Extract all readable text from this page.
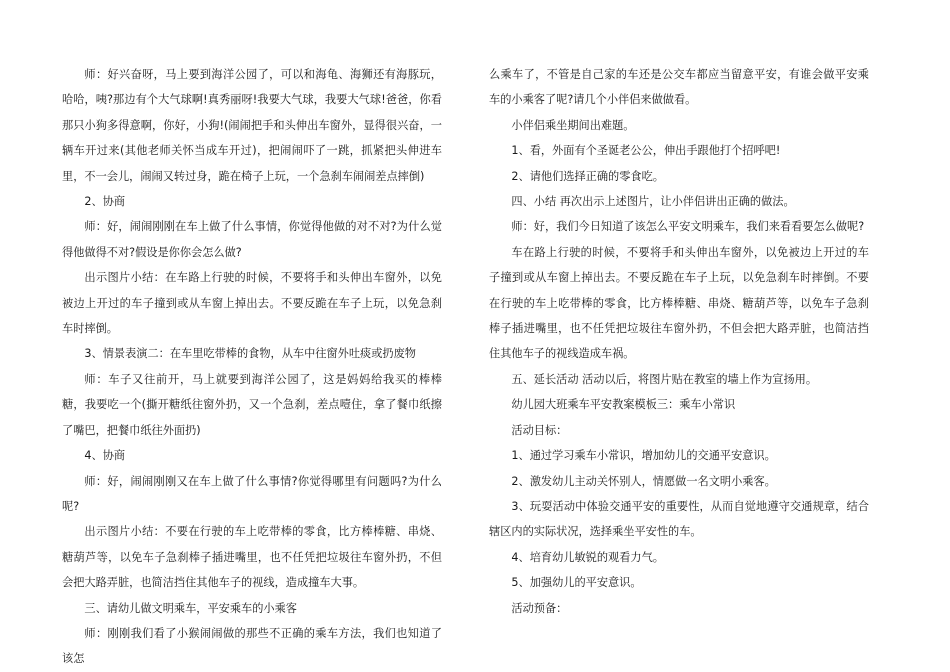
师：好兴奋呀，马上要到海洋公园了，可以和海龟、海狮还有海豚玩，哈哈，咦?那边有个大气球啊!真秀丽呀!我要大气球，我要大气球!爸爸，你看那只小狗多得意啊，你好，小狗!(闹闹把手和头伸出车窗外，显得很兴奋，一辆车开过来(其他老师关怀当成车开过)，把闹闹吓了一跳，抓紧把头伸进车里，不一会儿，闹闹又转过身，跪在椅子上玩，一个急刹车闹闹差点摔倒)

2、协商

师：好，闹闹刚刚在车上做了什么事情，你觉得他做的对不对?为什么觉得他做得不对?假设是你你会怎么做?

出示图片小结：在车路上行驶的时候，不要将手和头伸出车窗外，以免被边上开过的车子撞到或从车窗上掉出去。不要反跪在车子上玩，以免急刹车时摔倒。

3、情景表演二：在车里吃带棒的食物，从车中往窗外吐痰或扔废物

师：车子又往前开，马上就要到海洋公园了，这是妈妈给我买的棒棒糖，我要吃一个(撕开糖纸往窗外扔，又一个急刹，差点噎住，拿了餐巾纸擦了嘴巴，把餐巾纸往外面扔)

4、协商

师：好，闹闹刚刚又在车上做了什么事情?你觉得哪里有问题吗?为什么呢?

出示图片小结：不要在行驶的车上吃带棒的零食，比方棒棒糖、串烧、糖葫芦等，以免车子急刹棒子插进嘴里，也不任凭把垃圾往车窗外扔，不但会把大路弄脏，也简洁挡住其他车子的视线，造成撞车大事。

三、请幼儿做文明乘车，平安乘车的小乘客

师：刚刚我们看了小猴闹闹做的那些不正确的乘车方法，我们也知道了该怎

么乘车了，不管是自己家的车还是公交车都应当留意平安，有谁会做平安乘车的小乘客了呢?请几个小伴侣来做做看。

小伴侣乘坐期间出难题。

1、看，外面有个圣诞老公公，伸出手跟他打个招呼吧!

2、请他们选择正确的零食吃。

四、小结 再次出示上述图片，让小伴侣讲出正确的做法。

师：好，我们今日知道了该怎么平安文明乘车，我们来看看要怎么做呢?

车在路上行驶的时候，不要将手和头伸出车窗外，以免被边上开过的车子撞到或从车窗上掉出去。不要反跪在车子上玩，以免急刹车时摔倒。不要在行驶的车上吃带棒的零食，比方棒棒糖、串烧、糖葫芦等，以免车子急刹棒子插进嘴里，也不任凭把垃圾往车窗外扔，不但会把大路弄脏，也简洁挡住其他车子的视线造成车祸。

五、延长活动 活动以后，将图片贴在教室的墙上作为宣扬用。

幼儿园大班乘车平安教案模板三：乘车小常识

活动目标：

1、通过学习乘车小常识，增加幼儿的交通平安意识。

2、激发幼儿主动关怀别人，情愿做一名文明小乘客。

3、玩耍活动中体验交通平安的重要性，从而自觉地遵守交通规章，结合辖区内的实际状况，选择乘坐平安性的车。

4、培育幼儿敏锐的观看力气。

5、加强幼儿的平安意识。

活动预备：
